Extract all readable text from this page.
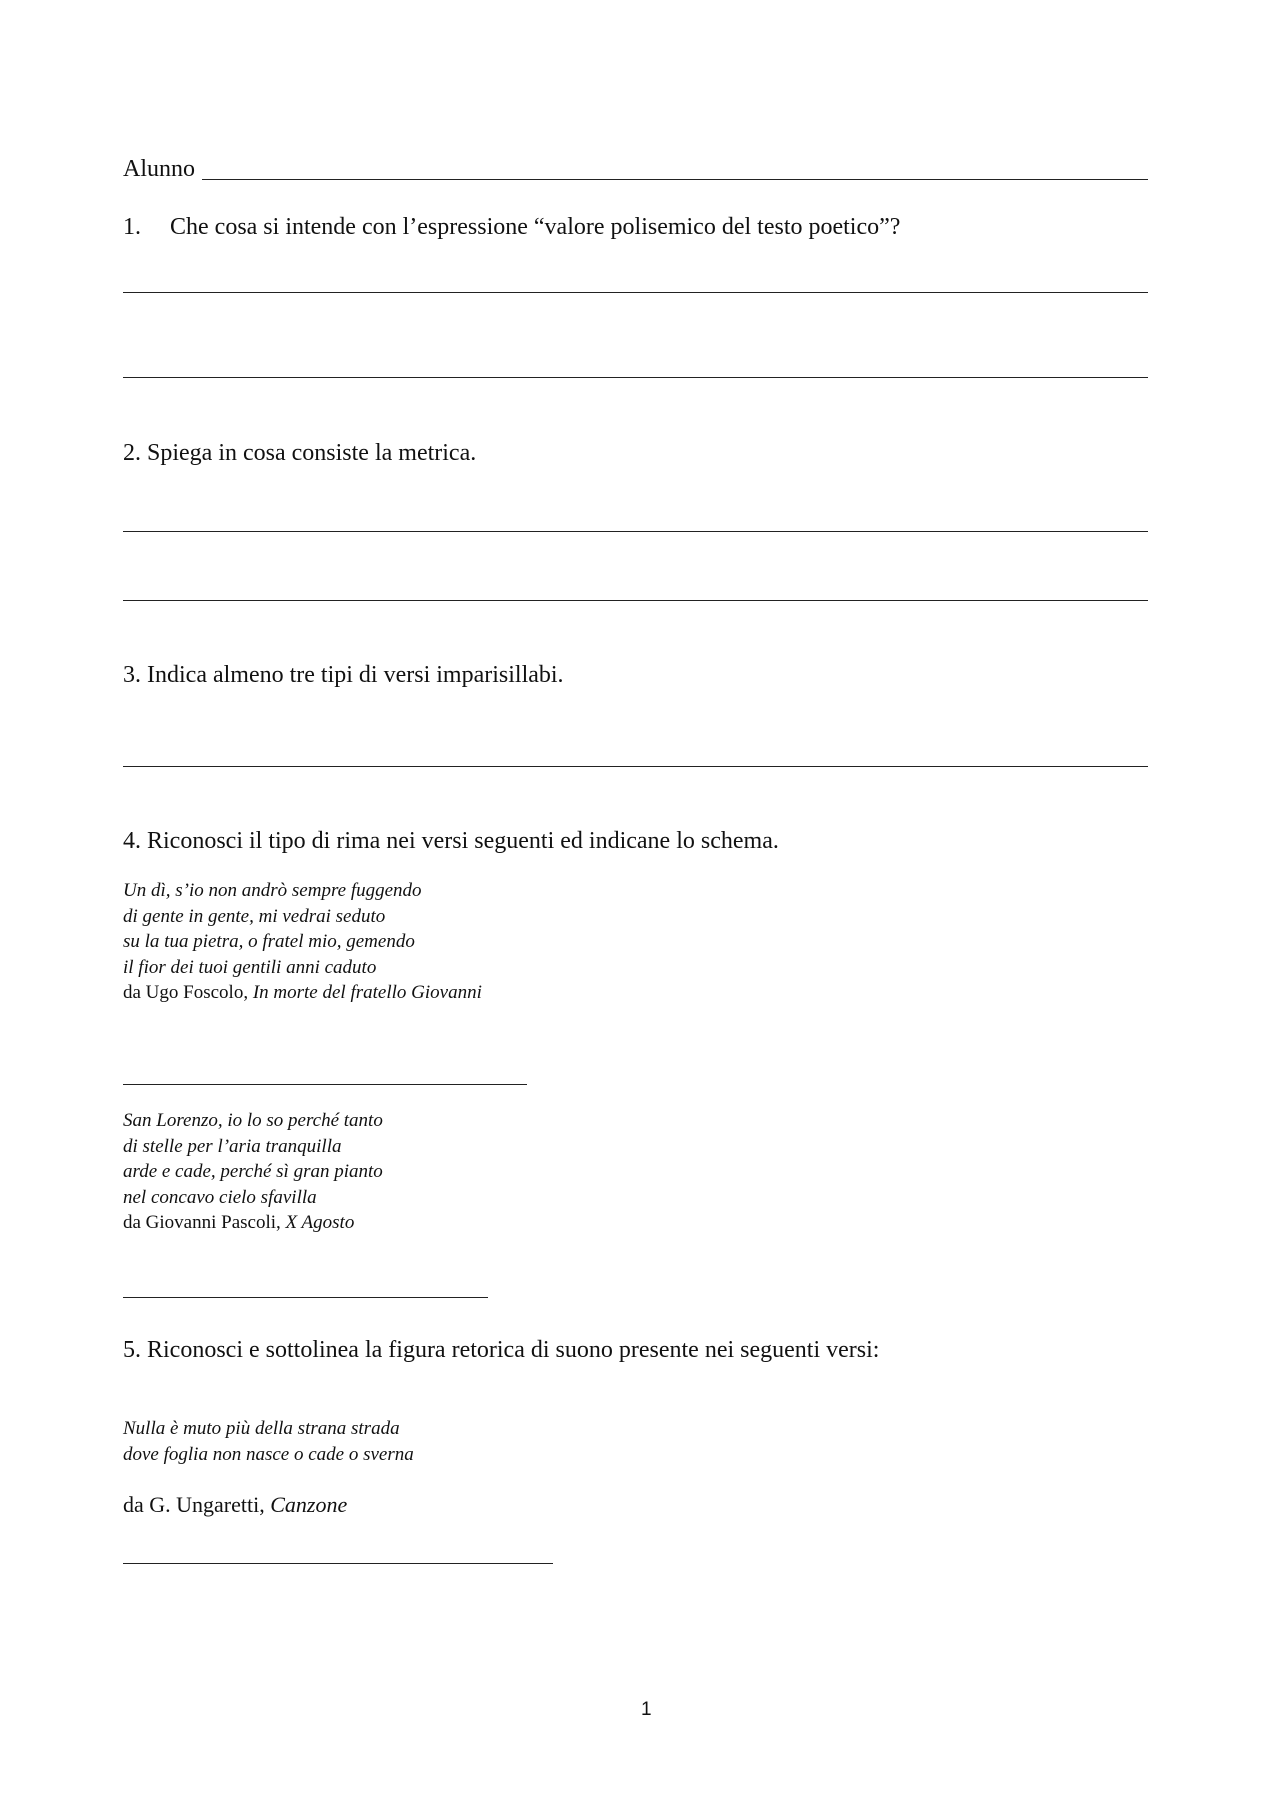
Alunno
1. Che cosa si intende con l’espressione “valore polisemico del testo poetico”?
2. Spiega in cosa consiste la metrica.
3. Indica almeno tre tipi di versi imparisillabi.
4. Riconosci il tipo di rima nei versi seguenti ed indicane lo schema.
Un dì, s’io non andrò sempre fuggendo
di gente in gente, mi vedrai seduto
su la tua pietra, o fratel mio, gemendo
il fior dei tuoi gentili anni caduto
da Ugo Foscolo, In morte del fratello Giovanni
San Lorenzo, io lo so perché tanto
di stelle per l’aria tranquilla
arde e cade, perché sì gran pianto
nel concavo cielo sfavilla
da Giovanni Pascoli, X Agosto
5. Riconosci e sottolinea la figura retorica di suono presente nei seguenti versi:
Nulla è muto più della strana strada
dove foglia non nasce o cade o sverna
da G. Ungaretti, Canzone
1
